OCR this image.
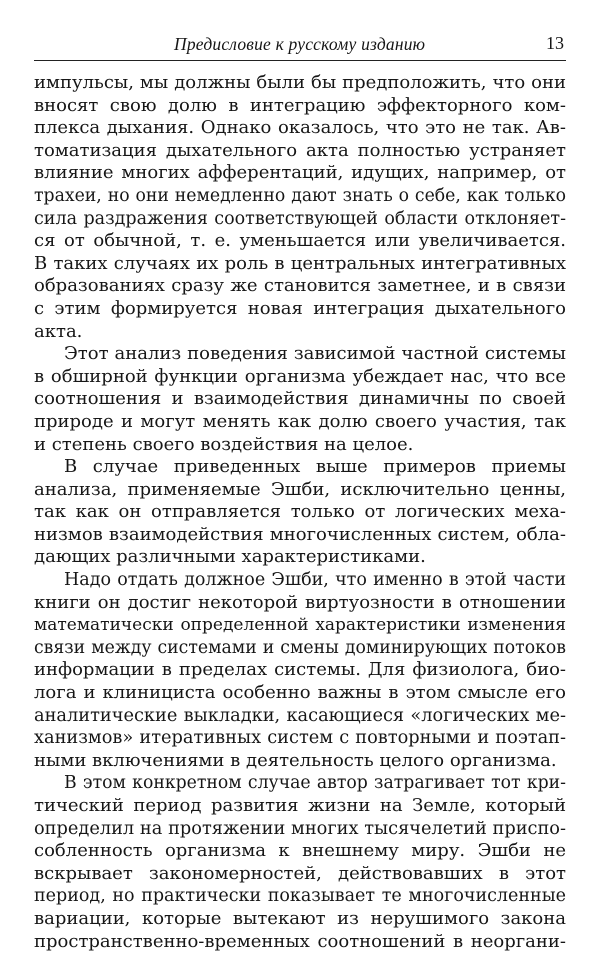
Предисловие к русскому изданию	13
импульсы, мы должны были бы предположить, что они
вносят свою долю в интеграцию эффекторного ком-
плекса дыхания. Однако оказалось, что это не так. Ав-
томатизация дыхательного акта полностью устраняет
влияние многих афферентаций, идущих, например, от
трахеи, но они немедленно дают знать о себе, как только
сила раздражения соответствующей области отклоняет-
ся от обычной, т. е. уменьшается или увеличивается.
В таких случаях их роль в центральных интегративных
образованиях сразу же становится заметнее, и в связи
с этим формируется новая интеграция дыхательного
акта.
Этот анализ поведения зависимой частной системы
в обширной функции организма убеждает нас, что все
соотношения и взаимодействия динамичны по своей
природе и могут менять как долю своего участия, так
и степень своего воздействия на целое.
В случае приведенных выше примеров приемы
анализа, применяемые Эшби, исключительно ценны,
так как он отправляется только от логических меха-
низмов взаимодействия многочисленных систем, обла-
дающих различными характеристиками.
Надо отдать должное Эшби, что именно в этой части
книги он достиг некоторой виртуозности в отношении
математически определенной характеристики изменения
связи между системами и смены доминирующих потоков
информации в пределах системы. Для физиолога, био-
лога и клинициста особенно важны в этом смысле его
аналитические выкладки, касающиеся «логических ме-
ханизмов» итеративных систем с повторными и поэтап-
ными включениями в деятельность целого организма.
В этом конкретном случае автор затрагивает тот кри-
тический период развития жизни на Земле, который
определил на протяжении многих тысячелетий приспо-
собленность организма к внешнему миру. Эшби не
вскрывает закономерностей, действовавших в этот
период, но практически показывает те многочисленные
вариации, которые вытекают из нерушимого закона
пространственно-временных соотношений в неоргани-
